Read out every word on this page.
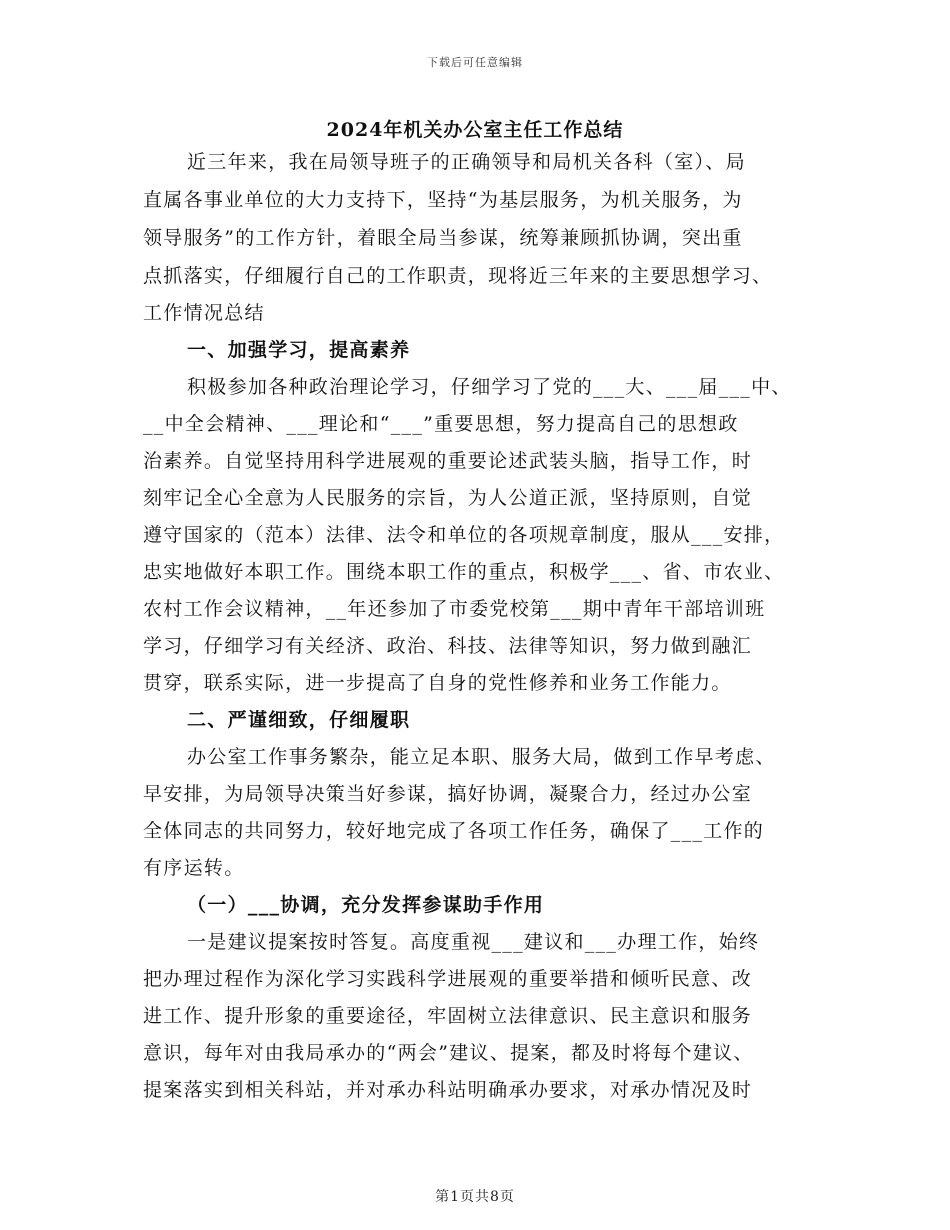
下载后可任意编辑
2024年机关办公室主任工作总结
近三年来，我在局领导班子的正确领导和局机关各科（室）、局
直属各事业单位的大力支持下，坚持“为基层服务，为机关服务，为
领导服务”的工作方针，着眼全局当参谋，统筹兼顾抓协调，突出重
点抓落实，仔细履行自己的工作职责，现将近三年来的主要思想学习、
工作情况总结
一、加强学习，提高素养
积极参加各种政治理论学习，仔细学习了党的___大、___届___中、
__中全会精神、___理论和“___”重要思想，努力提高自己的思想政
治素养。自觉坚持用科学进展观的重要论述武装头脑，指导工作，时
刻牢记全心全意为人民服务的宗旨，为人公道正派，坚持原则，自觉
遵守国家的（范本）法律、法令和单位的各项规章制度，服从___安排，
忠实地做好本职工作。围绕本职工作的重点，积极学___、省、市农业、
农村工作会议精神，__年还参加了市委党校第___期中青年干部培训班
学习，仔细学习有关经济、政治、科技、法律等知识，努力做到融汇
贯穿，联系实际，进一步提高了自身的党性修养和业务工作能力。
二、严谨细致，仔细履职
办公室工作事务繁杂，能立足本职、服务大局，做到工作早考虑、
早安排，为局领导决策当好参谋，搞好协调，凝聚合力，经过办公室
全体同志的共同努力，较好地完成了各项工作任务，确保了___工作的
有序运转。
（一）___协调，充分发挥参谋助手作用
一是建议提案按时答复。高度重视___建议和___办理工作，始终
把办理过程作为深化学习实践科学进展观的重要举措和倾听民意、改
进工作、提升形象的重要途径，牢固树立法律意识、民主意识和服务
意识，每年对由我局承办的“两会”建议、提案，都及时将每个建议、
提案落实到相关科站，并对承办科站明确承办要求，对承办情况及时
第1页共8页
